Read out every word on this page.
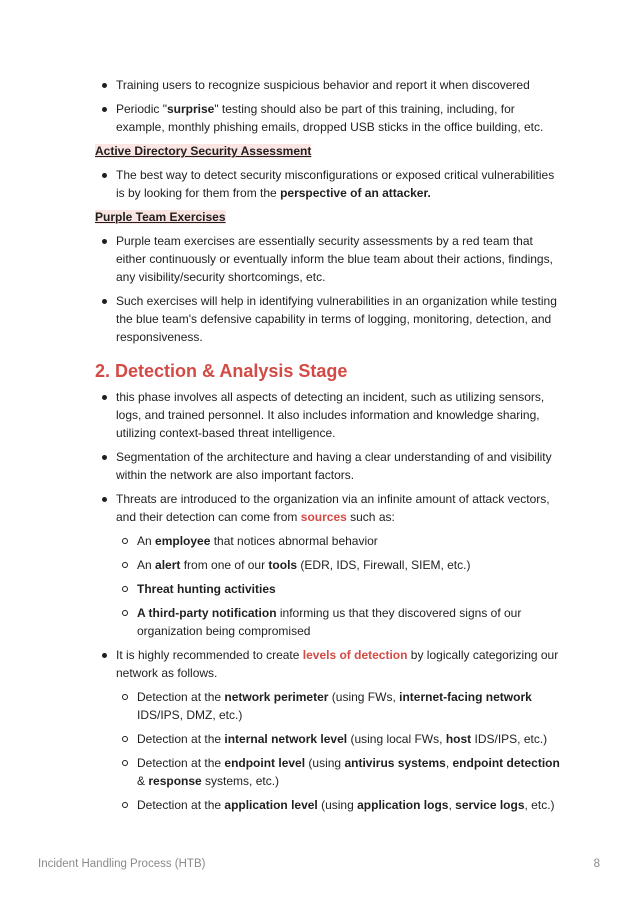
Training users to recognize suspicious behavior and report it when discovered
Periodic "surprise" testing should also be part of this training, including, for example, monthly phishing emails, dropped USB sticks in the office building, etc.
Active Directory Security Assessment
The best way to detect security misconfigurations or exposed critical vulnerabilities is by looking for them from the perspective of an attacker.
Purple Team Exercises
Purple team exercises are essentially security assessments by a red team that either continuously or eventually inform the blue team about their actions, findings, any visibility/security shortcomings, etc.
Such exercises will help in identifying vulnerabilities in an organization while testing the blue team's defensive capability in terms of logging, monitoring, detection, and responsiveness.
2. Detection & Analysis Stage
this phase involves all aspects of detecting an incident, such as utilizing sensors, logs, and trained personnel. It also includes information and knowledge sharing, utilizing context-based threat intelligence.
Segmentation of the architecture and having a clear understanding of and visibility within the network are also important factors.
Threats are introduced to the organization via an infinite amount of attack vectors, and their detection can come from sources such as:
An employee that notices abnormal behavior
An alert from one of our tools (EDR, IDS, Firewall, SIEM, etc.)
Threat hunting activities
A third-party notification informing us that they discovered signs of our organization being compromised
It is highly recommended to create levels of detection by logically categorizing our network as follows.
Detection at the network perimeter (using FWs, internet-facing network IDS/IPS, DMZ, etc.)
Detection at the internal network level (using local FWs, host IDS/IPS, etc.)
Detection at the endpoint level (using antivirus systems, endpoint detection & response systems, etc.)
Detection at the application level (using application logs, service logs, etc.)
Incident Handling Process (HTB)	8
